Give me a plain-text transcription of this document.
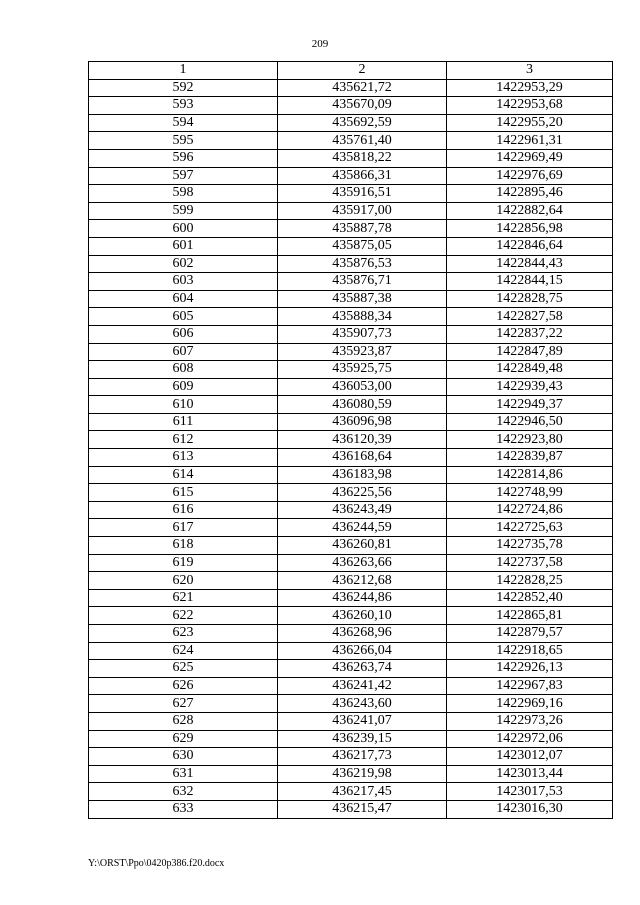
209
1	2	3
592	435621,72	1422953,29
593	435670,09	1422953,68
594	435692,59	1422955,20
595	435761,40	1422961,31
596	435818,22	1422969,49
597	435866,31	1422976,69
598	435916,51	1422895,46
599	435917,00	1422882,64
600	435887,78	1422856,98
601	435875,05	1422846,64
602	435876,53	1422844,43
603	435876,71	1422844,15
604	435887,38	1422828,75
605	435888,34	1422827,58
606	435907,73	1422837,22
607	435923,87	1422847,89
608	435925,75	1422849,48
609	436053,00	1422939,43
610	436080,59	1422949,37
611	436096,98	1422946,50
612	436120,39	1422923,80
613	436168,64	1422839,87
614	436183,98	1422814,86
615	436225,56	1422748,99
616	436243,49	1422724,86
617	436244,59	1422725,63
618	436260,81	1422735,78
619	436263,66	1422737,58
620	436212,68	1422828,25
621	436244,86	1422852,40
622	436260,10	1422865,81
623	436268,96	1422879,57
624	436266,04	1422918,65
625	436263,74	1422926,13
626	436241,42	1422967,83
627	436243,60	1422969,16
628	436241,07	1422973,26
629	436239,15	1422972,06
630	436217,73	1423012,07
631	436219,98	1423013,44
632	436217,45	1423017,53
633	436215,47	1423016,30
Y:\ORST\Ppo\0420p386.f20.docx
